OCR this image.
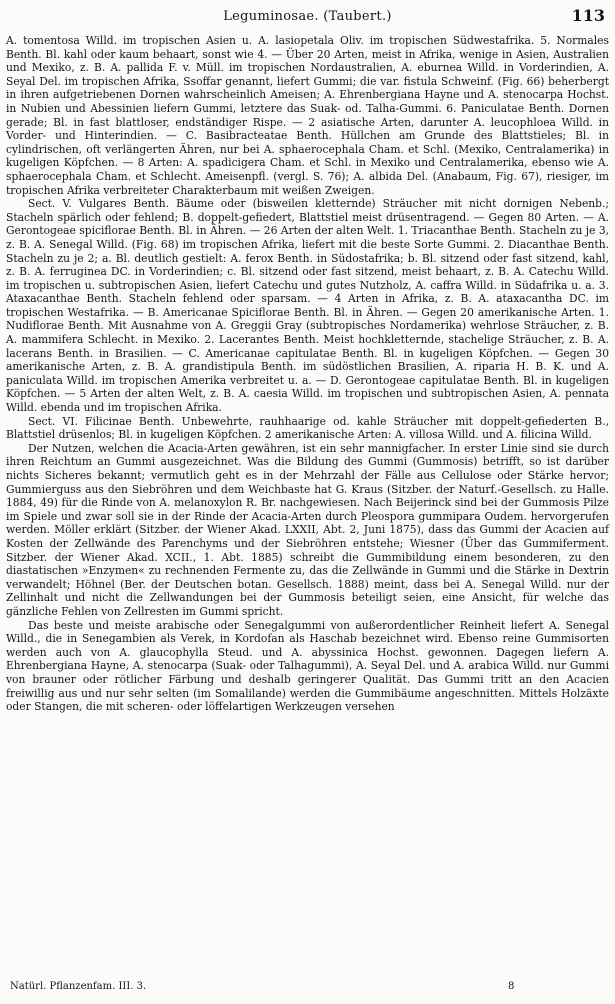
Leguminosae. (Taubert.)	113

A. tomentosa Willd. im tropischen Asien u. A. lasiopetala Oliv. im tropischen Südwestafrika. 5. Normales Benth. Bl. kahl oder kaum behaart, sonst wie 4. — Über 20 Arten, meist in Afrika, wenige in Asien, Australien und Mexiko, z. B. A. pallida F. v. Müll. im tropischen Nordaustralien, A. eburnea Willd. in Vorderindien, A. Seyal Del. im tropischen Afrika, Ssoffar genannt, liefert Gummi; die var. fistula Schweinf. (Fig. 66) beherbergt in ihren aufgetriebenen Dornen wahrscheinlich Ameisen; A. Ehrenbergiana Hayne und A. stenocarpa Hochst. in Nubien und Abessinien liefern Gummi, letztere das Suak- od. Talha-Gummi. 6. Paniculatae Benth. Dornen gerade; Bl. in fast blattloser, endständiger Rispe. — 2 asiatische Arten, darunter A. leucophloea Willd. in Vorder- und Hinterindien. — C. Basibracteatae Benth. Hüllchen am Grunde des Blattstieles; Bl. in cylindrischen, oft verlängerten Ähren, nur bei A. sphaerocephala Cham. et Schl. (Mexiko, Centralamerika) in kugeligen Köpfchen. — 8 Arten: A. spadicigera Cham. et Schl. in Mexiko und Centralamerika, ebenso wie A. sphaerocephala Cham. et Schlecht. Ameisenpfl. (vergl. S. 76); A. albida Del. (Anabaum, Fig. 67), riesiger, im tropischen Afrika verbreiteter Charakterbaum mit weißen Zweigen.

Sect. V. Vulgares Benth. Bäume oder (bisweilen kletternde) Sträucher mit nicht dornigen Nebenb.; Stacheln spärlich oder fehlend; B. doppelt-gefiedert, Blattstiel meist drüsentragend. — Gegen 80 Arten. — A. Gerontogeae spiciflorae Benth. Bl. in Ähren. — 26 Arten der alten Welt. 1. Triacanthae Benth. Stacheln zu je 3, z. B. A. Senegal Willd. (Fig. 68) im tropischen Afrika, liefert mit die beste Sorte Gummi. 2. Diacanthae Benth. Stacheln zu je 2; a. Bl. deutlich gestielt: A. ferox Benth. in Südostafrika; b. Bl. sitzend oder fast sitzend, kahl, z. B. A. ferruginea DC. in Vorderindien; c. Bl. sitzend oder fast sitzend, meist behaart, z. B. A. Catechu Willd. im tropischen u. subtropischen Asien, liefert Catechu und gutes Nutzholz, A. caffra Willd. in Südafrika u. a. 3. Ataxacanthae Benth. Stacheln fehlend oder sparsam. — 4 Arten in Afrika, z. B. A. ataxacantha DC. im tropischen Westafrika. — B. Americanae Spiciflorae Benth. Bl. in Ähren. — Gegen 20 amerikanische Arten. 1. Nudiflorae Benth. Mit Ausnahme von A. Greggii Gray (subtropisches Nordamerika) wehrlose Sträucher, z. B. A. mammifera Schlecht. in Mexiko. 2. Lacerantes Benth. Meist hochkletternde, stachelige Sträucher, z. B. A. lacerans Benth. in Brasilien. — C. Americanae capitulatae Benth. Bl. in kugeligen Köpfchen. — Gegen 30 amerikanische Arten, z. B. A. grandistipula Benth. im südöstlichen Brasilien, A. riparia H. B. K. und A. paniculata Willd. im tropischen Amerika verbreitet u. a. — D. Gerontogeae capitulatae Benth. Bl. in kugeligen Köpfchen. — 5 Arten der alten Welt, z. B. A. caesia Willd. im tropischen und subtropischen Asien, A. pennata Willd. ebenda und im tropischen Afrika.

Sect. VI. Filicinae Benth. Unbewehrte, rauhhaarige od. kahle Sträucher mit doppelt-gefiederten B., Blattstiel drüsenlos; Bl. in kugeligen Köpfchen. 2 amerikanische Arten: A. villosa Willd. und A. filicina Willd.

Der Nutzen, welchen die Acacia-Arten gewähren, ist ein sehr mannigfacher. In erster Linie sind sie durch ihren Reichtum an Gummi ausgezeichnet. Was die Bildung des Gummi (Gummosis) betrifft, so ist darüber nichts Sicheres bekannt; vermutlich geht es in der Mehrzahl der Fälle aus Cellulose oder Stärke hervor; Gummierguss aus den Siebröhren und dem Weichbaste hat G. Kraus (Sitzber. der Naturf.-Gesellsch. zu Halle. 1884, 49) für die Rinde von A. melanoxylon R. Br. nachgewiesen. Nach Beijerinck sind bei der Gummosis Pilze im Spiele und zwar soll sie in der Rinde der Acacia-Arten durch Pleospora gummipara Oudem. hervorgerufen werden. Möller erklärt (Sitzber. der Wiener Akad. LXXII, Abt. 2, Juni 1875), dass das Gummi der Acacien auf Kosten der Zellwände des Parenchyms und der Siebröhren entstehe; Wiesner (Über das Gummiferment. Sitzber. der Wiener Akad. XCII., 1. Abt. 1885) schreibt die Gummibildung einem besonderen, zu den diastatischen »Enzymen« zu rechnenden Fermente zu, das die Zellwände in Gummi und die Stärke in Dextrin verwandelt; Höhnel (Ber. der Deutschen botan. Gesellsch. 1888) meint, dass bei A. Senegal Willd. nur der Zellinhalt und nicht die Zellwandungen bei der Gummosis beteiligt seien, eine Ansicht, für welche das gänzliche Fehlen von Zellresten im Gummi spricht.

Das beste und meiste arabische oder Senegalgummi von außerordentlicher Reinheit liefert A. Senegal Willd., die in Senegambien als Verek, in Kordofan als Haschab bezeichnet wird. Ebenso reine Gummisorten werden auch von A. glaucophylla Steud. und A. abyssinica Hochst. gewonnen. Dagegen liefern A. Ehrenbergiana Hayne, A. stenocarpa (Suak- oder Talhagummi), A. Seyal Del. und A. arabica Willd. nur Gummi von brauner oder rötlicher Färbung und deshalb geringerer Qualität. Das Gummi tritt an den Acacien freiwillig aus und nur sehr selten (im Somalilande) werden die Gummibäume angeschnitten. Mittels Holzäxte oder Stangen, die mit scheren- oder löffelartigen Werkzeugen versehen

Natürl. Pflanzenfam. III. 3.	8
